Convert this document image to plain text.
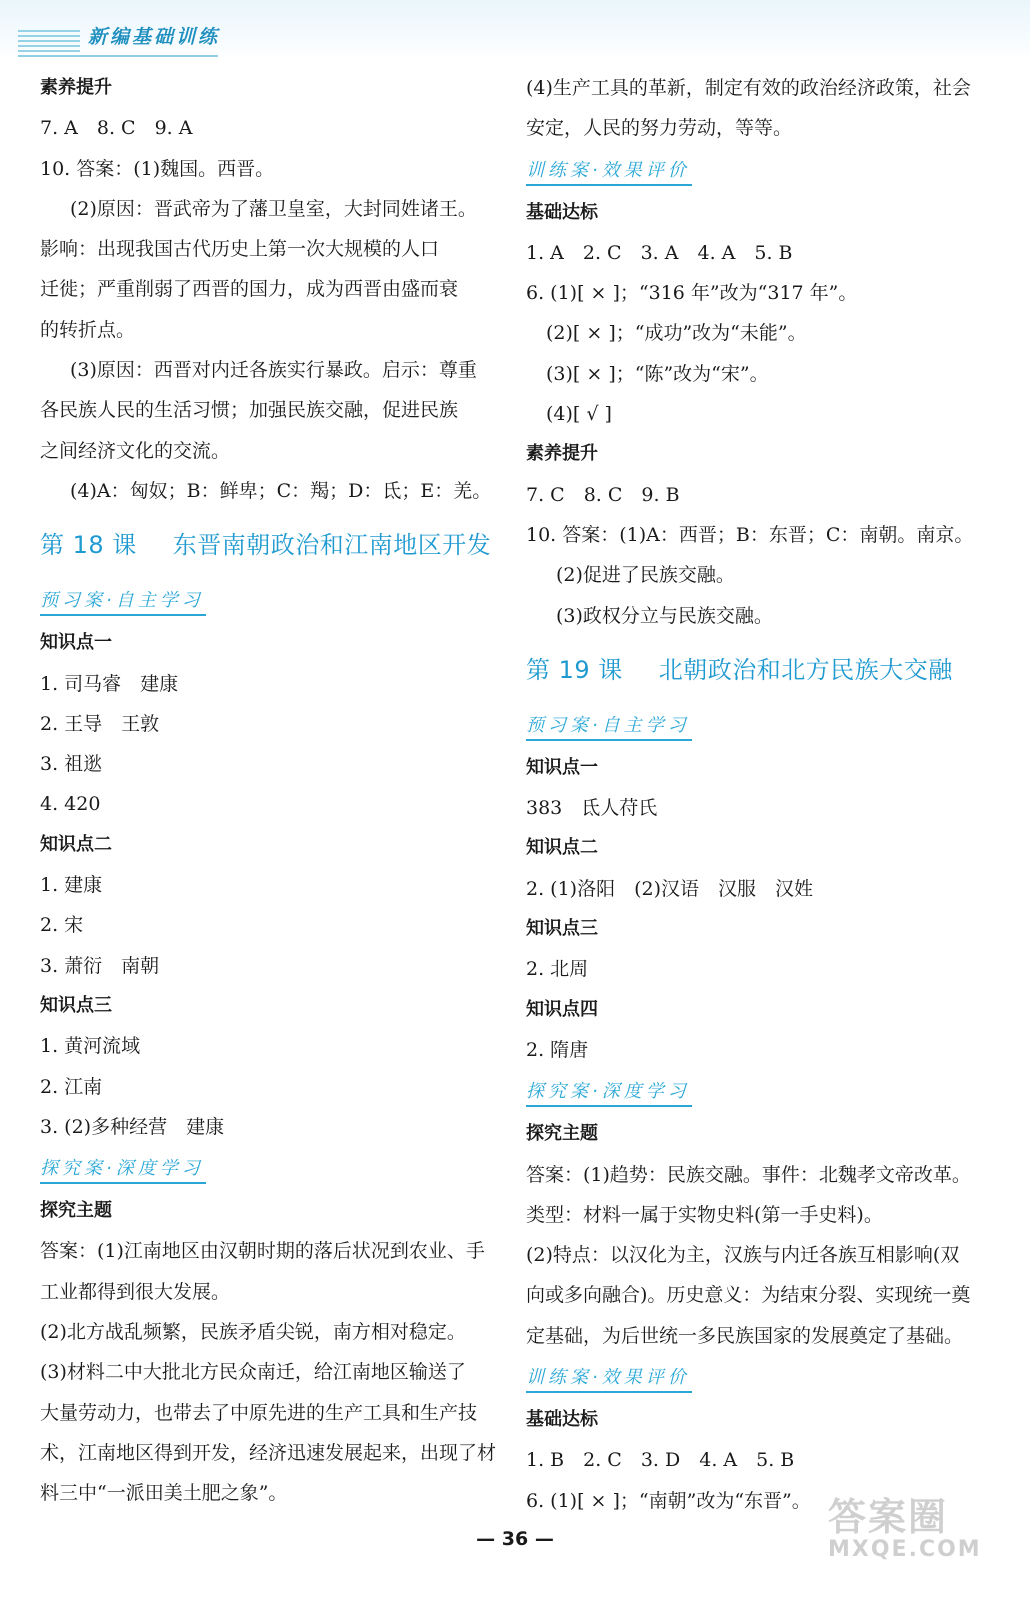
新编基础训练
素养提升
7. A　8. C　9. A
10. 答案：(1)魏国。西晋。
(2)原因：晋武帝为了藩卫皇室，大封同姓诸王。
影响：出现我国古代历史上第一次大规模的人口
迁徙；严重削弱了西晋的国力，成为西晋由盛而衰
的转折点。
(3)原因：西晋对内迁各族实行暴政。启示：尊重
各民族人民的生活习惯；加强民族交融，促进民族
之间经济文化的交流。
(4)A：匈奴；B：鲜卑；C：羯；D：氐；E：羌。
第 18 课 东晋南朝政治和江南地区开发
预习案·自主学习
知识点一
1. 司马睿　建康
2. 王导　王敦
3. 祖逖
4. 420
知识点二
1. 建康
2. 宋
3. 萧衍　南朝
知识点三
1. 黄河流域
2. 江南
3. (2)多种经营　建康
探究案·深度学习
探究主题
答案：(1)江南地区由汉朝时期的落后状况到农业、手
工业都得到很大发展。
(2)北方战乱频繁，民族矛盾尖锐，南方相对稳定。
(3)材料二中大批北方民众南迁，给江南地区输送了
大量劳动力，也带去了中原先进的生产工具和生产技
术，江南地区得到开发，经济迅速发展起来，出现了材
料三中“一派田美土肥之象”。
(4)生产工具的革新，制定有效的政治经济政策，社会
安定，人民的努力劳动，等等。
训练案·效果评价
基础达标
1. A　2. C　3. A　4. A　5. B
6. (1)[ × ]；“316 年”改为“317 年”。
(2)[ × ]；“成功”改为“未能”。
(3)[ × ]；“陈”改为“宋”。
(4)[ √ ]
素养提升
7. C　8. C　9. B
10. 答案：(1)A：西晋；B：东晋；C：南朝。南京。
(2)促进了民族交融。
(3)政权分立与民族交融。
第 19 课 北朝政治和北方民族大交融
预习案·自主学习
知识点一
383　氐人苻氏
知识点二
2. (1)洛阳　(2)汉语　汉服　汉姓
知识点三
2. 北周
知识点四
2. 隋唐
探究案·深度学习
探究主题
答案：(1)趋势：民族交融。事件：北魏孝文帝改革。
类型：材料一属于实物史料(第一手史料)。
(2)特点：以汉化为主，汉族与内迁各族互相影响(双
向或多向融合)。历史意义：为结束分裂、实现统一奠
定基础，为后世统一多民族国家的发展奠定了基础。
训练案·效果评价
基础达标
1. B　2. C　3. D　4. A　5. B
6. (1)[ × ]；“南朝”改为“东晋”。
— 36 —	答案圈
MXQE.COM
